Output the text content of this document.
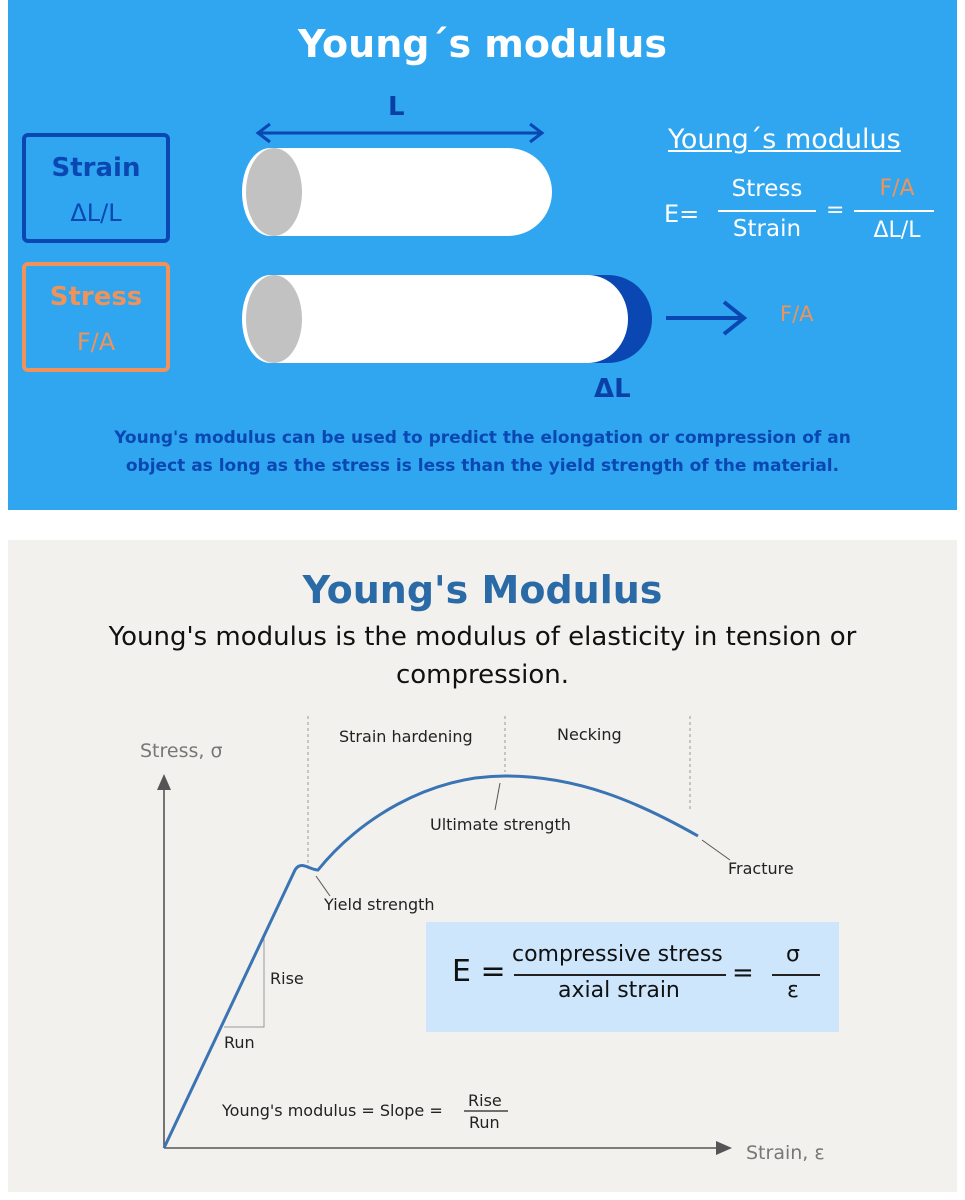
Young´s modulus
Strain
ΔL/L
Stress
F/A
L
ΔL
F/A
Young´s modulus
E=
Stress
Strain
=
F/A
ΔL/L
Young's modulus can be used to predict the elongation or compression of an
object as long as the stress is less than the yield strength of the material.
Young's Modulus
Young's modulus is the modulus of elasticity in tension or
compression.
Stress, σ
Strain, ε
Strain hardening	Necking
Ultimate strength
Fracture
Yield strength
Rise
Run
Young's modulus = Slope =
Rise
Run
E = compressive stress
axial strain
=
σ
ε
